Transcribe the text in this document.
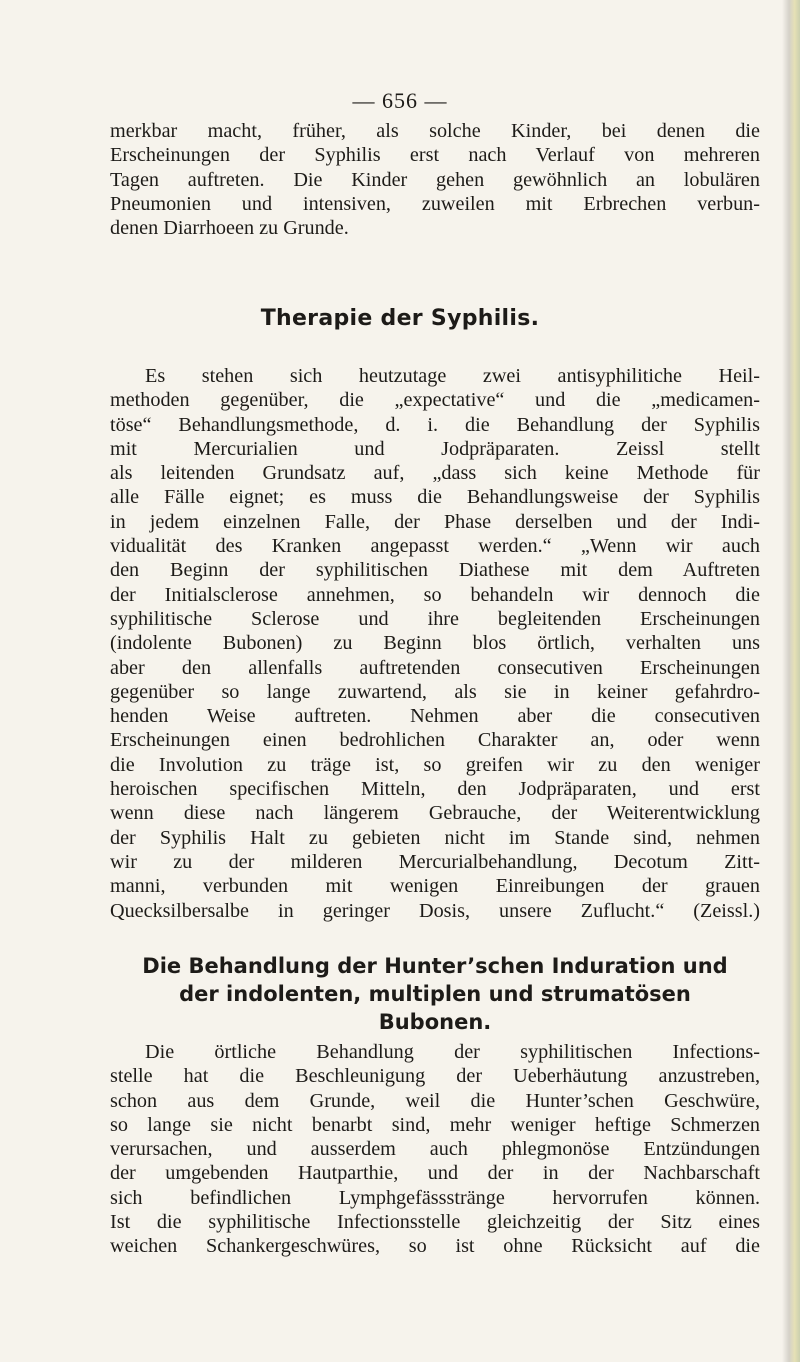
— 656 —

merkbar macht, früher, als solche Kinder, bei denen die
Erscheinungen der Syphilis erst nach Verlauf von mehreren
Tagen auftreten. Die Kinder gehen gewöhnlich an lobulären
Pneumonien und intensiven, zuweilen mit Erbrechen verbun-
denen Diarrhoeen zu Grunde.

Therapie der Syphilis.

Es stehen sich heutzutage zwei antisyphilitiche Heil-
methoden gegenüber, die „expectative“ und die „medicamen-
töse“ Behandlungsmethode, d. i. die Behandlung der Syphilis
mit Mercurialien und Jodpräparaten. Zeissl stellt
als leitenden Grundsatz auf, „dass sich keine Methode für
alle Fälle eignet; es muss die Behandlungsweise der Syphilis
in jedem einzelnen Falle, der Phase derselben und der Indi-
vidualität des Kranken angepasst werden.“ „Wenn wir auch
den Beginn der syphilitischen Diathese mit dem Auftreten
der Initialsclerose annehmen, so behandeln wir dennoch die
syphilitische Sclerose und ihre begleitenden Erscheinungen
(indolente Bubonen) zu Beginn blos örtlich, verhalten uns
aber den allenfalls auftretenden consecutiven Erscheinungen
gegenüber so lange zuwartend, als sie in keiner gefahrdro-
henden Weise auftreten. Nehmen aber die consecutiven
Erscheinungen einen bedrohlichen Charakter an, oder wenn
die Involution zu träge ist, so greifen wir zu den weniger
heroischen specifischen Mitteln, den Jodpräparaten, und erst
wenn diese nach längerem Gebrauche, der Weiterentwicklung
der Syphilis Halt zu gebieten nicht im Stande sind, nehmen
wir zu der milderen Mercurialbehandlung, Decotum Zitt-
manni, verbunden mit wenigen Einreibungen der grauen
Quecksilbersalbe in geringer Dosis, unsere Zuflucht.“ (Zeissl.)

Die Behandlung der Hunter’schen Induration und
der indolenten, multiplen und strumatösen
Bubonen.

Die örtliche Behandlung der syphilitischen Infections-
stelle hat die Beschleunigung der Ueberhäutung anzustreben,
schon aus dem Grunde, weil die Hunter’schen Geschwüre,
so lange sie nicht benarbt sind, mehr weniger heftige Schmerzen
verursachen, und ausserdem auch phlegmonöse Entzündungen
der umgebenden Hautparthie, und der in der Nachbarschaft
sich befindlichen Lymphgefässstränge hervorrufen können.
Ist die syphilitische Infectionsstelle gleichzeitig der Sitz eines
weichen Schankergeschwüres, so ist ohne Rücksicht auf die
